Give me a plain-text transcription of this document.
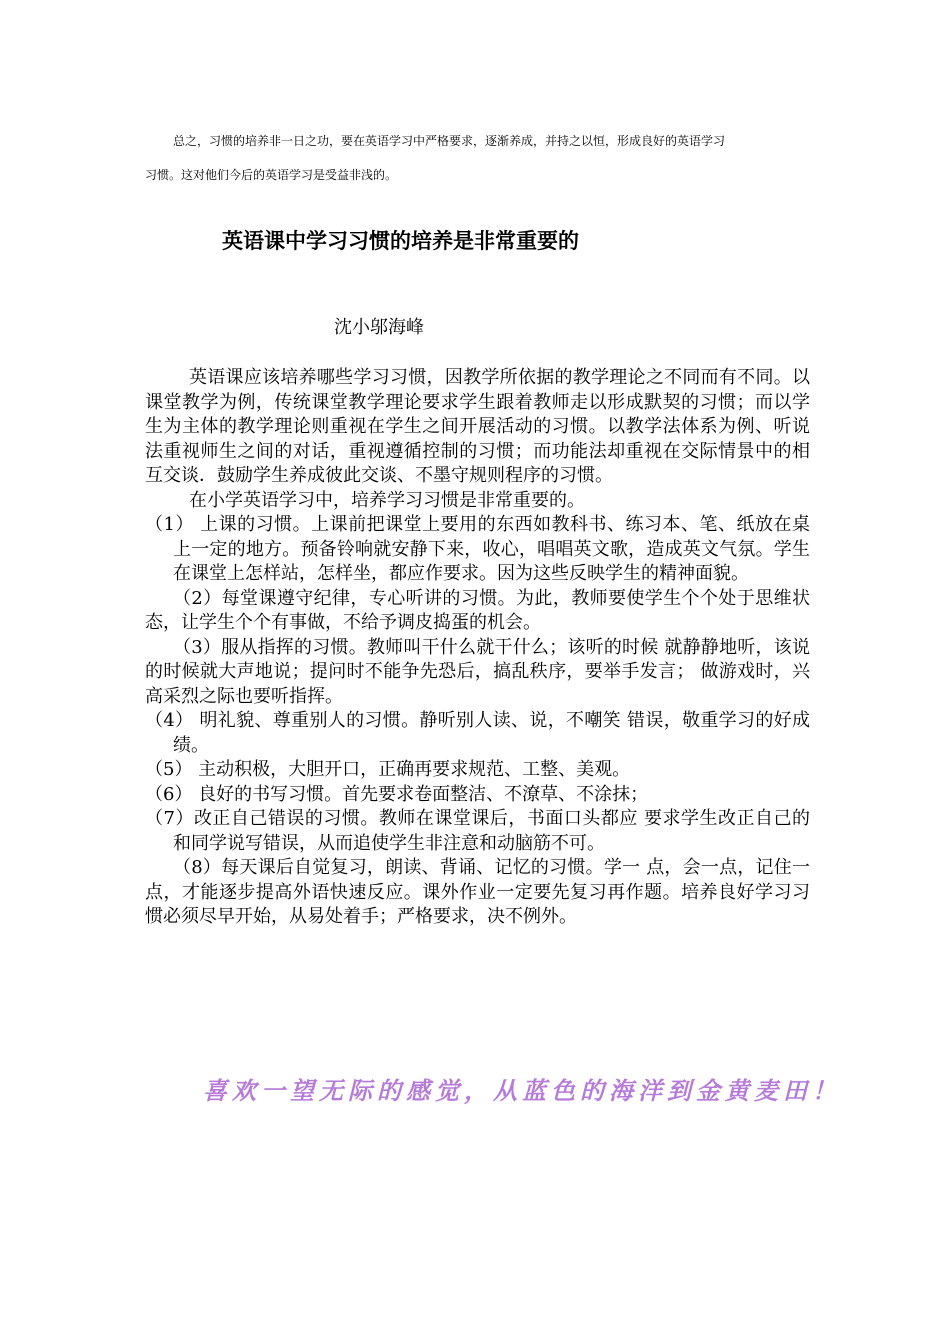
总之，习惯的培养非一日之功，要在英语学习中严格要求，逐渐养成，并持之以恒，形成良好的英语学习

习惯。这对他们今后的英语学习是受益非浅的。

英语课中学习习惯的培养是非常重要的
沈小邬海峰

英语课应该培养哪些学习习惯，因教学所依据的教学理论之不同而有不同。以课堂教学为例，传统课堂教学理论要求学生跟着教师走以形成默契的习惯；而以学生为主体的教学理论则重视在学生之间开展活动的习惯。以教学法体系为例、听说法重视师生之间的对话，重视遵循控制的习惯；而功能法却重视在交际情景中的相互交谈．鼓励学生养成彼此交谈、不墨守规则程序的习惯。

在小学英语学习中，培养学习习惯是非常重要的。

（1） 上课的习惯。上课前把课堂上要用的东西如教科书、练习本、笔、纸放在桌上一定的地方。预备铃响就安静下来，收心，唱唱英文歌，造成英文气氛。学生在课堂上怎样站，怎样坐，都应作要求。因为这些反映学生的精神面貌。

（2）每堂课遵守纪律，专心听讲的习惯。为此，教师要使学生个个处于思维状态，让学生个个有事做，不给予调皮捣蛋的机会。

（3）服从指挥的习惯。教师叫干什么就干什么；该听的时候 就静静地听，该说的时候就大声地说；提问时不能争先恐后，搞乱秩序，要举手发言； 做游戏时，兴高采烈之际也要听指挥。

（4） 明礼貌、尊重别人的习惯。静听别人读、说，不嘲笑 错误，敬重学习的好成绩。

（5） 主动积极，大胆开口，正确再要求规范、工整、美观。

（6） 良好的书写习惯。首先要求卷面整洁、不潦草、不涂抹；

（7）改正自己错误的习惯。教师在课堂课后，书面口头都应 要求学生改正自己的和同学说写错误，从而追使学生非注意和动脑筋不可。

（8）每天课后自觉复习，朗读、背诵、记忆的习惯。学一 点，会一点，记住一点，才能逐步提高外语快速反应。课外作业一定要先复习再作题。培养良好学习习惯必须尽早开始，从易处着手；严格要求，决不例外。

喜欢一望无际的感觉，从蓝色的海洋到金黄麦田！
